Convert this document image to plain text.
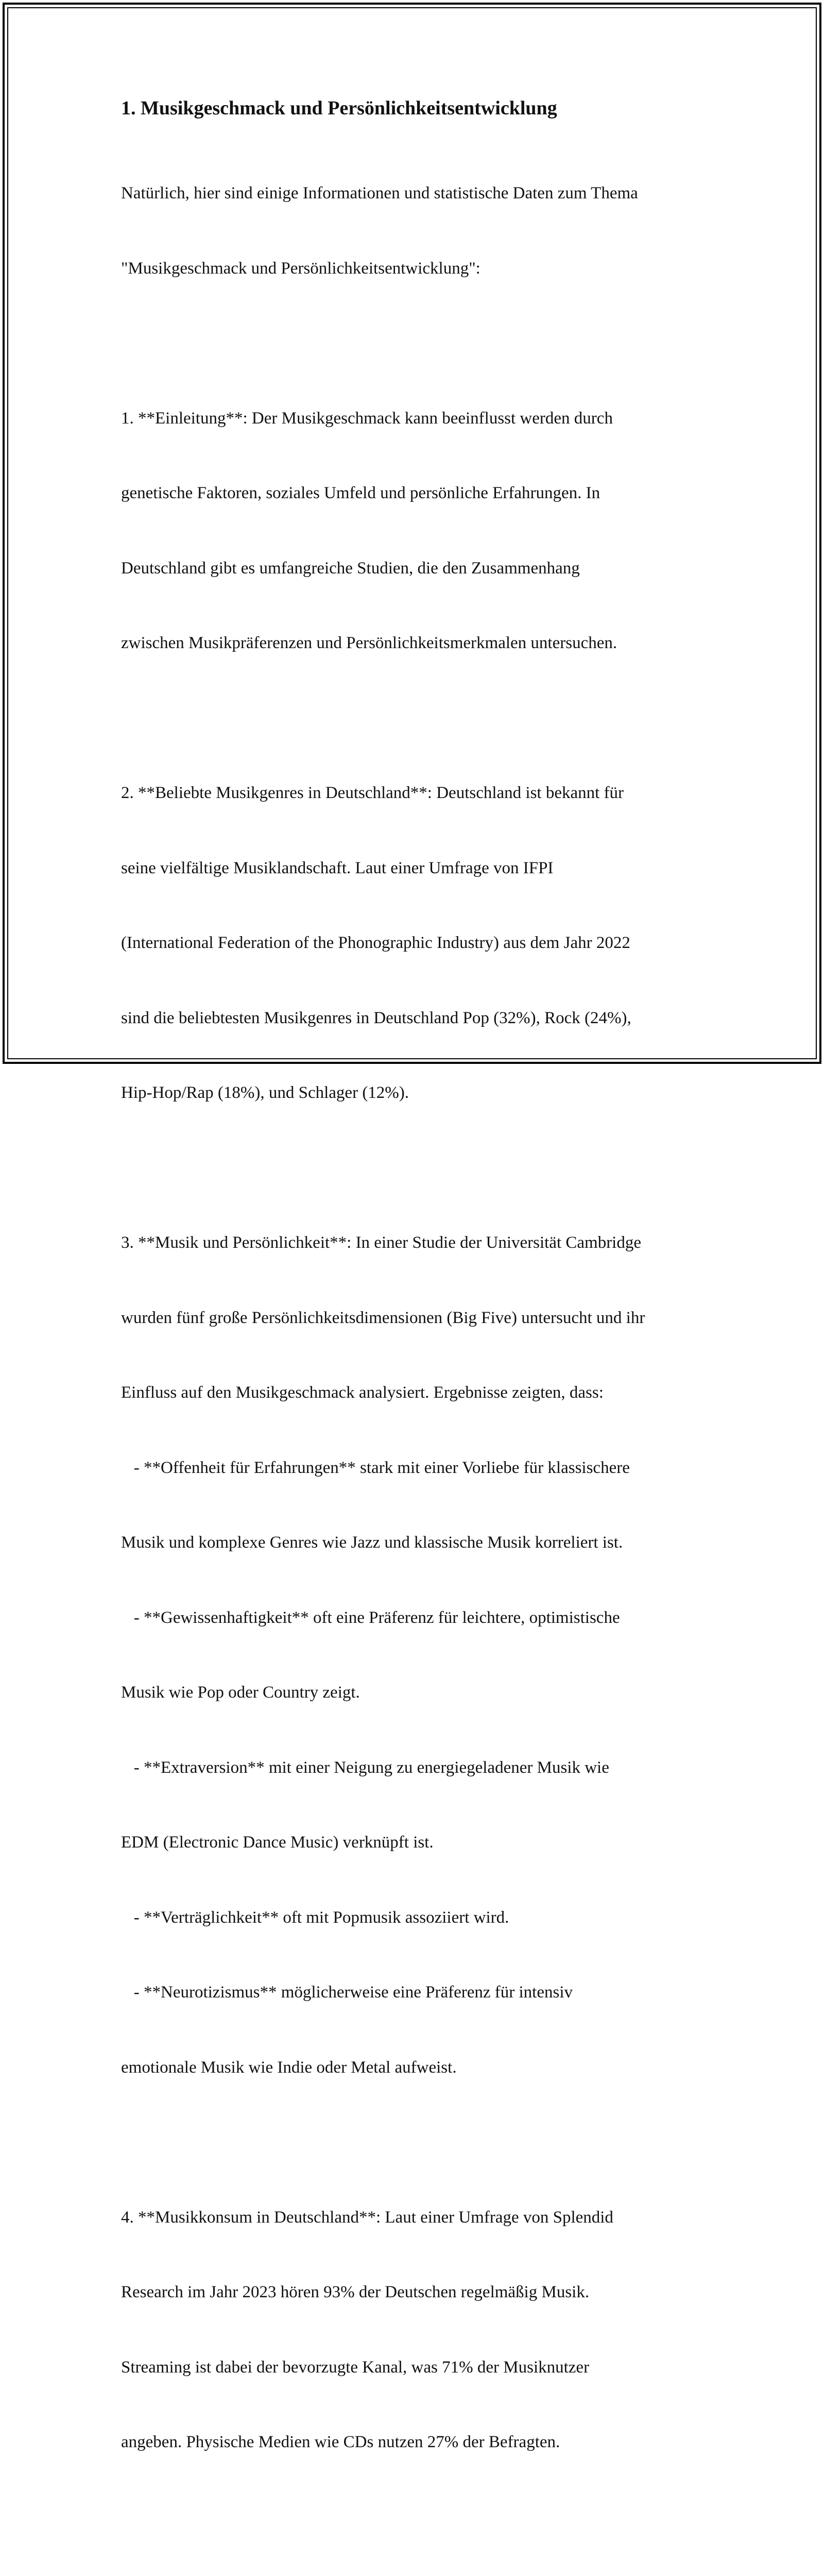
1. Musikgeschmack und Persönlichkeitsentwicklung

Natürlich, hier sind einige Informationen und statistische Daten zum Thema

"Musikgeschmack und Persönlichkeitsentwicklung":

1. **Einleitung**: Der Musikgeschmack kann beeinflusst werden durch

genetische Faktoren, soziales Umfeld und persönliche Erfahrungen. In

Deutschland gibt es umfangreiche Studien, die den Zusammenhang

zwischen Musikpräferenzen und Persönlichkeitsmerkmalen untersuchen.

2. **Beliebte Musikgenres in Deutschland**: Deutschland ist bekannt für

seine vielfältige Musiklandschaft. Laut einer Umfrage von IFPI

(International Federation of the Phonographic Industry) aus dem Jahr 2022

sind die beliebtesten Musikgenres in Deutschland Pop (32%), Rock (24%),

Hip-Hop/Rap (18%), und Schlager (12%).

3. **Musik und Persönlichkeit**: In einer Studie der Universität Cambridge

wurden fünf große Persönlichkeitsdimensionen (Big Five) untersucht und ihr

Einfluss auf den Musikgeschmack analysiert. Ergebnisse zeigten, dass:

- **Offenheit für Erfahrungen** stark mit einer Vorliebe für klassischere

Musik und komplexe Genres wie Jazz und klassische Musik korreliert ist.

- **Gewissenhaftigkeit** oft eine Präferenz für leichtere, optimistische

Musik wie Pop oder Country zeigt.

- **Extraversion** mit einer Neigung zu energiegeladener Musik wie

EDM (Electronic Dance Music) verknüpft ist.

- **Verträglichkeit** oft mit Popmusik assoziiert wird.

- **Neurotizismus** möglicherweise eine Präferenz für intensiv

emotionale Musik wie Indie oder Metal aufweist.

4. **Musikkonsum in Deutschland**: Laut einer Umfrage von Splendid

Research im Jahr 2023 hören 93% der Deutschen regelmäßig Musik.

Streaming ist dabei der bevorzugte Kanal, was 71% der Musiknutzer

angeben. Physische Medien wie CDs nutzen 27% der Befragten.
